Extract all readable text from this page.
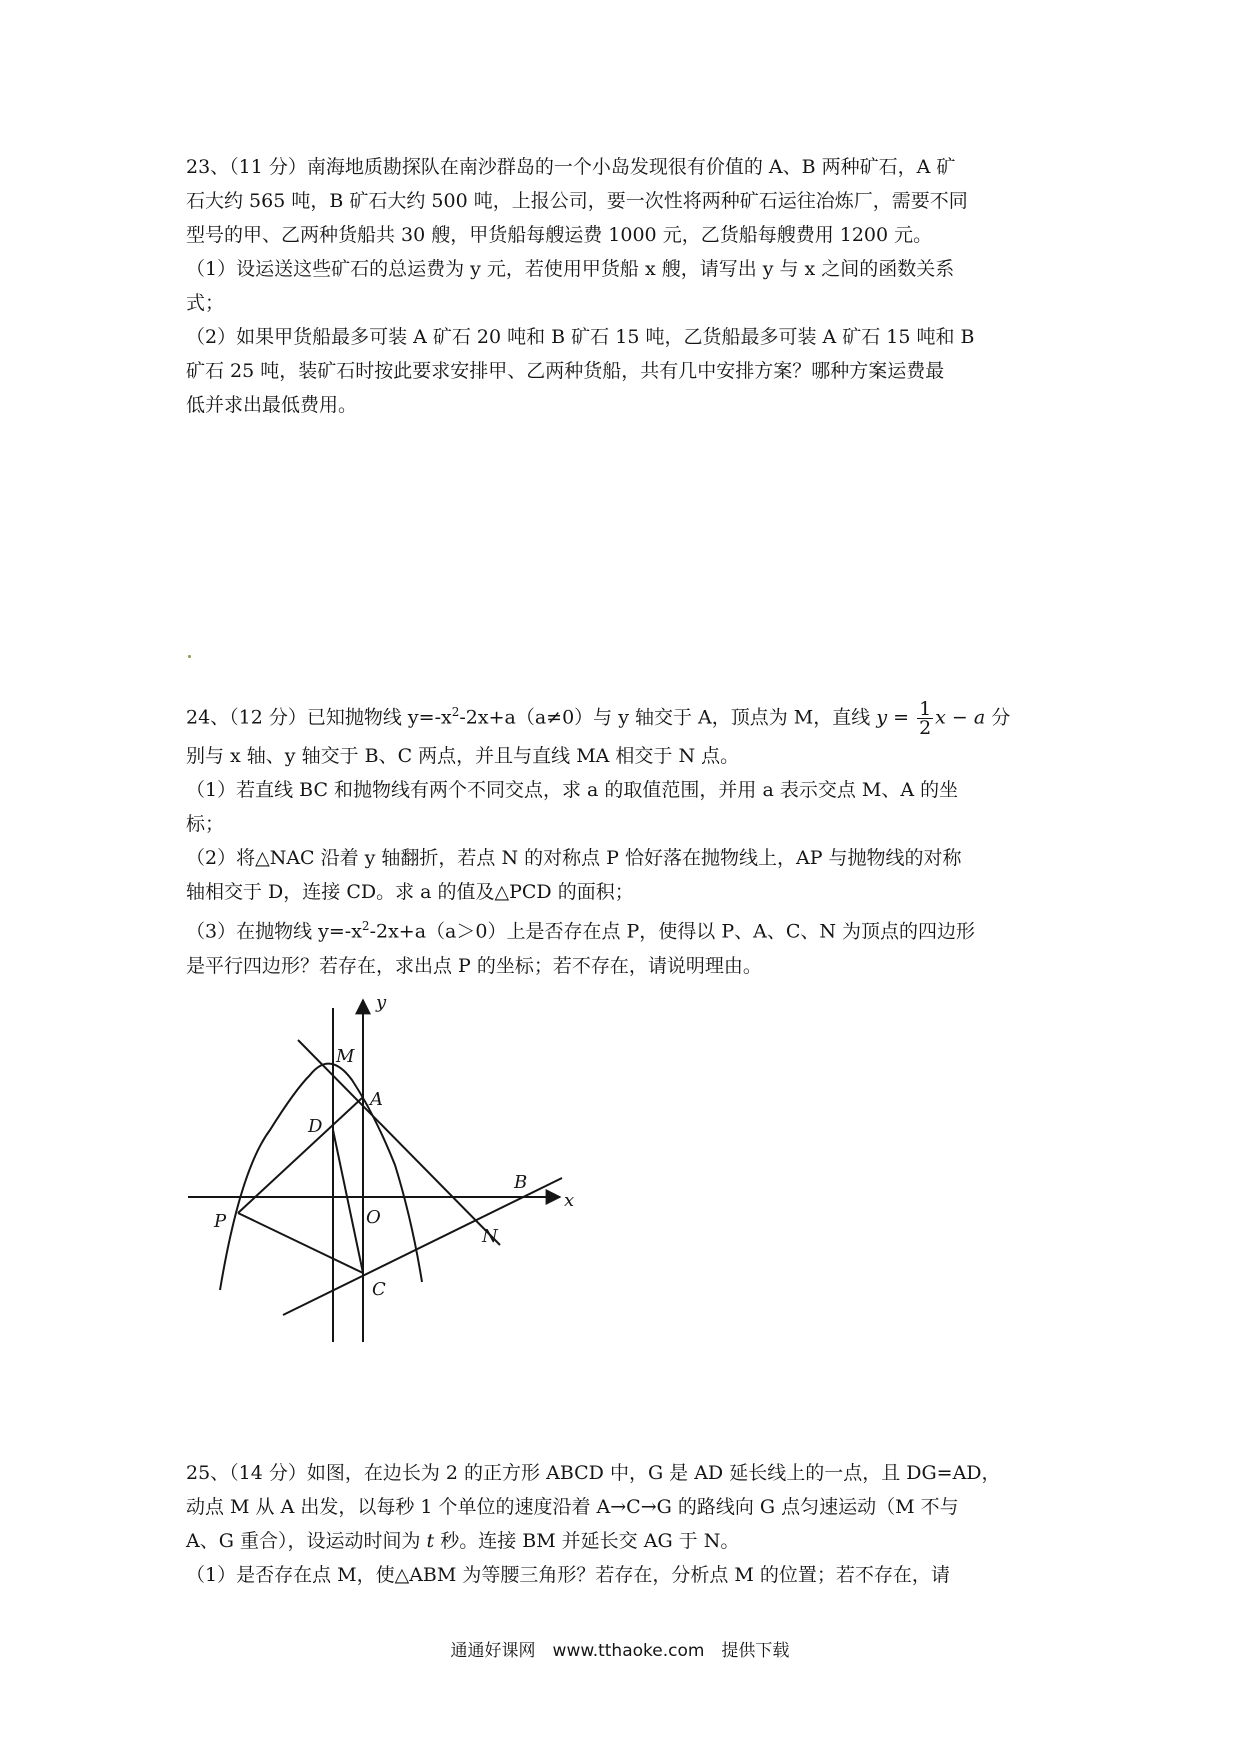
23、（11 分）南海地质勘探队在南沙群岛的一个小岛发现很有价值的 A、B 两种矿石，A 矿
石大约 565 吨，B 矿石大约 500 吨，上报公司，要一次性将两种矿石运往冶炼厂，需要不同
型号的甲、乙两种货船共 30 艘，甲货船每艘运费 1000 元，乙货船每艘费用 1200 元。
（1）设运送这些矿石的总运费为 y 元，若使用甲货船 x 艘，请写出 y 与 x 之间的函数关系
式；
（2）如果甲货船最多可装 A 矿石 20 吨和 B 矿石 15 吨，乙货船最多可装 A 矿石 15 吨和 B
矿石 25 吨，装矿石时按此要求安排甲、乙两种货船，共有几中安排方案？哪种方案运费最
低并求出最低费用。
24、（12 分）已知抛物线 $y=-x^2-2x+a(a\ne 0)$与 y 轴交于 A，顶点为 M，直线 $y = \frac{1}{2}$ x − a 分
别与 x 轴、y 轴交于 B、C 两点，并且与直线 MA 相交于 N 点。
（1）若直线 BC 和抛物线有两个不同交点，求 a 的取值范围，并用 a 表示交点 M、A 的坐
标；
（2）将△NAC 沿着 y 轴翻折，若点 N 的对称点 P 恰好落在抛物线上，AP 与抛物线的对称
轴相交于 D，连接 CD。求 a 的值及△PCD 的面积；
（3）在抛物线 $y=-x^2-2x+a(a>0)$上是否存在点 P，使得以 P、A、C、N 为顶点的四边形
是平行四边形？若存在，求出点 P 的坐标；若不存在，请说明理由。
y
x
M
A
D
B
O
P
N
C
25、（14 分）如图，在边长为 2 的正方形 ABCD 中，G 是 AD 延长线上的一点，且 DG=AD，
动点 M 从 A 出发，以每秒 1 个单位的速度沿着 A→C→G 的路线向 G 点匀速运动（M 不与
A、G 重合），设运动时间为 t 秒。连接 BM 并延长交 AG 于 N。
（1）是否存在点 M，使△ABM 为等腰三角形？若存在，分析点 M 的位置；若不存在，请
通通好课网　www.tthaoke.com　提供下载
